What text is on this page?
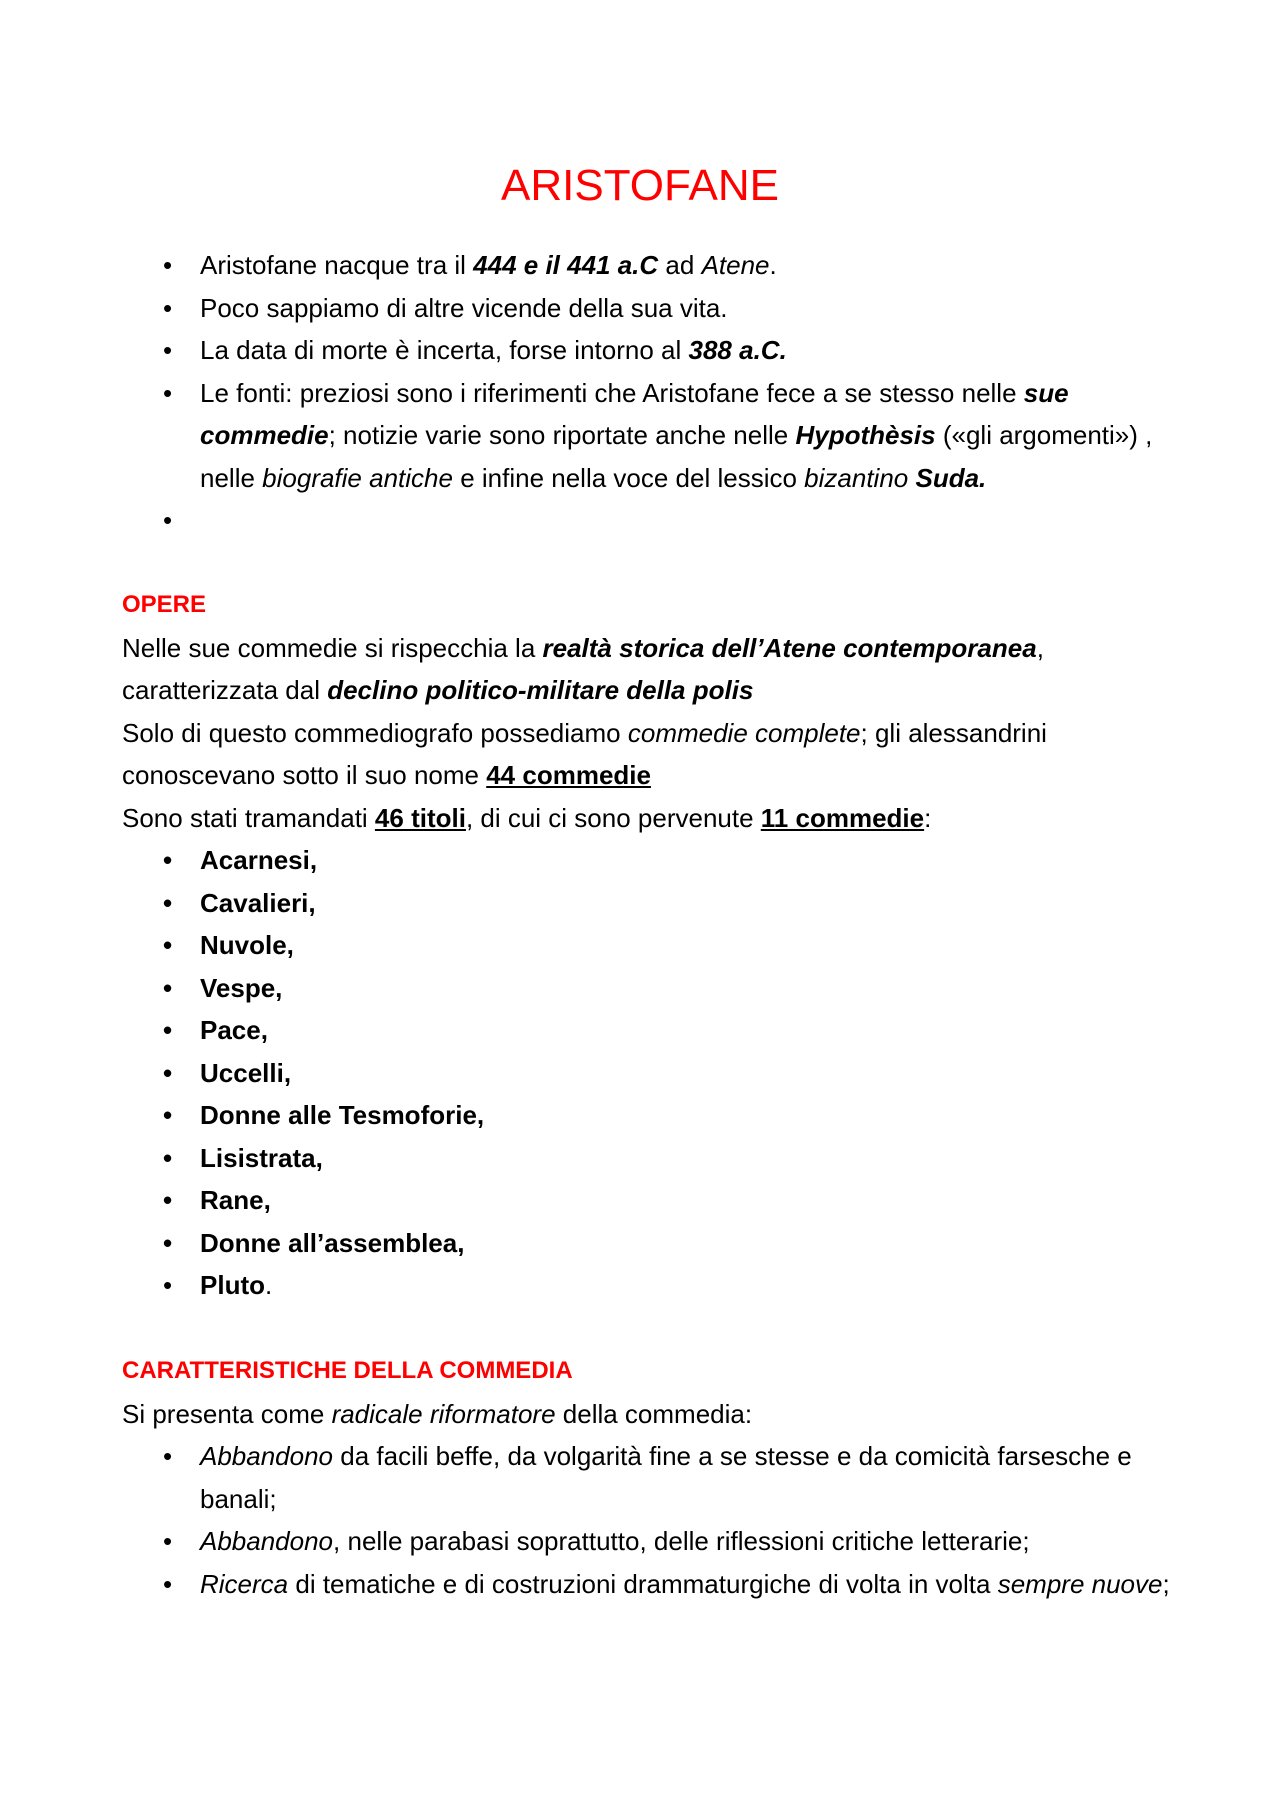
ARISTOFANE
• Aristofane nacque tra il 444 e il 441 a.C ad Atene.
• Poco sappiamo di altre vicende della sua vita.
• La data di morte è incerta, forse intorno al 388 a.C.
• Le fonti: preziosi sono i riferimenti che Aristofane fece a se stesso nelle sue commedie; notizie varie sono riportate anche nelle Hypothèsis («gli argomenti») , nelle biografie antiche e infine nella voce del lessico bizantino Suda.
•

OPERE

Nelle sue commedie si rispecchia la realtà storica dell’Atene contemporanea, caratterizzata dal declino politico-militare della polis

Solo di questo commediografo possediamo commedie complete; gli alessandrini conoscevano sotto il suo nome 44 commedie

Sono stati tramandati 46 titoli, di cui ci sono pervenute 11 commedie:

• Acarnesi,
• Cavalieri,
• Nuvole,
• Vespe,
• Pace,
• Uccelli,
• Donne alle Tesmoforie,
• Lisistrata,
• Rane,
• Donne all’assemblea,
• Pluto.

CARATTERISTICHE DELLA COMMEDIA

Si presenta come radicale riformatore della commedia:

• Abbandono da facili beffe, da volgarità fine a se stesse e da comicità farsesche e banali;
• Abbandono, nelle parabasi soprattutto, delle riflessioni critiche letterarie;
• Ricerca di tematiche e di costruzioni drammaturgiche di volta in volta sempre nuove;
